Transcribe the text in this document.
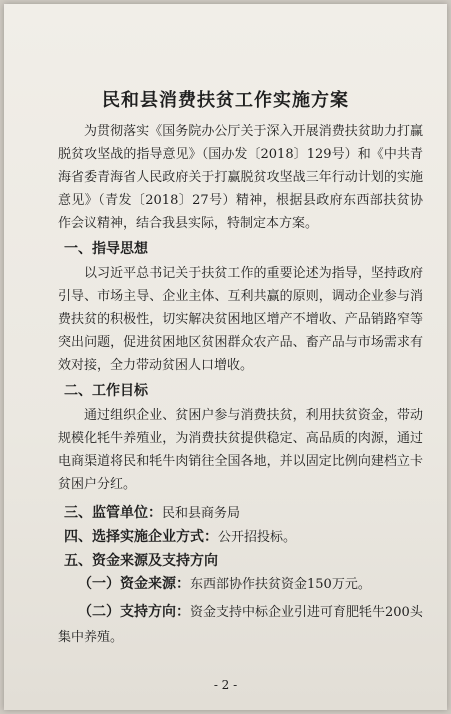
民和县消费扶贫工作实施方案

为贯彻落实《国务院办公厅关于深入开展消费扶贫助力打赢脱贫攻坚战的指导意见》（国办发〔2018〕129号）和《中共青海省委青海省人民政府关于打赢脱贫攻坚战三年行动计划的实施意见》（青发〔2018〕27号）精神，根据县政府东西部扶贫协作会议精神，结合我县实际，特制定本方案。

一、指导思想

以习近平总书记关于扶贫工作的重要论述为指导，坚持政府引导、市场主导、企业主体、互利共赢的原则，调动企业参与消费扶贫的积极性，切实解决贫困地区增产不增收、产品销路窄等突出问题，促进贫困地区贫困群众农产品、畜产品与市场需求有效对接，全力带动贫困人口增收。

二、工作目标

通过组织企业、贫困户参与消费扶贫，利用扶贫资金，带动规模化牦牛养殖业，为消费扶贫提供稳定、高品质的肉源，通过电商渠道将民和牦牛肉销往全国各地，并以固定比例向建档立卡贫困户分红。

三、监管单位：民和县商务局
四、选择实施企业方式：公开招投标。
五、资金来源及支持方向

（一）资金来源：东西部协作扶贫资金150万元。

（二）支持方向：资金支持中标企业引进可育肥牦牛200头集中养殖。

- 2 -
